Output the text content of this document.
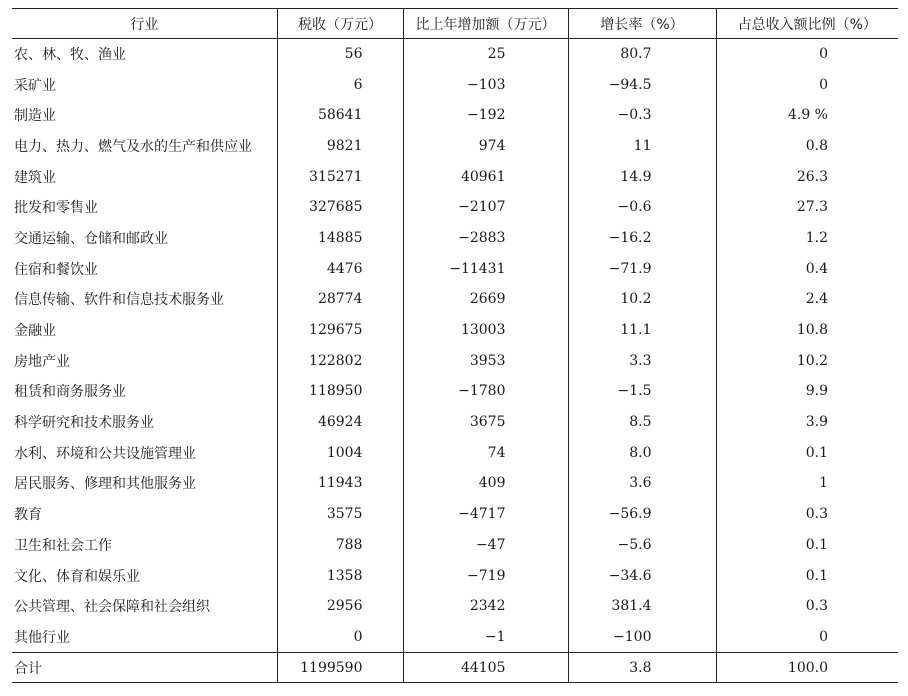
行业	税收（万元）	比上年增加额（万元）	增长率（%）	占总收入额比例（%）
农、林、牧、渔业	56	25	80.7	0
采矿业	6	−103	−94.5	0
制造业	58641	−192	−0.3	4.9 %
电力、热力、燃气及水的生产和供应业	9821	974	11	0.8
建筑业	315271	40961	14.9	26.3
批发和零售业	327685	−2107	−0.6	27.3
交通运输、仓储和邮政业	14885	−2883	−16.2	1.2
住宿和餐饮业	4476	−11431	−71.9	0.4
信息传输、软件和信息技术服务业	28774	2669	10.2	2.4
金融业	129675	13003	11.1	10.8
房地产业	122802	3953	3.3	10.2
租赁和商务服务业	118950	−1780	−1.5	9.9
科学研究和技术服务业	46924	3675	8.5	3.9
水利、环境和公共设施管理业	1004	74	8.0	0.1
居民服务、修理和其他服务业	11943	409	3.6	1
教育	3575	−4717	−56.9	0.3
卫生和社会工作	788	−47	−5.6	0.1
文化、体育和娱乐业	1358	−719	−34.6	0.1
公共管理、社会保障和社会组织	2956	2342	381.4	0.3
其他行业	0	−1	−100	0
合计	1199590	44105	3.8	100.0
